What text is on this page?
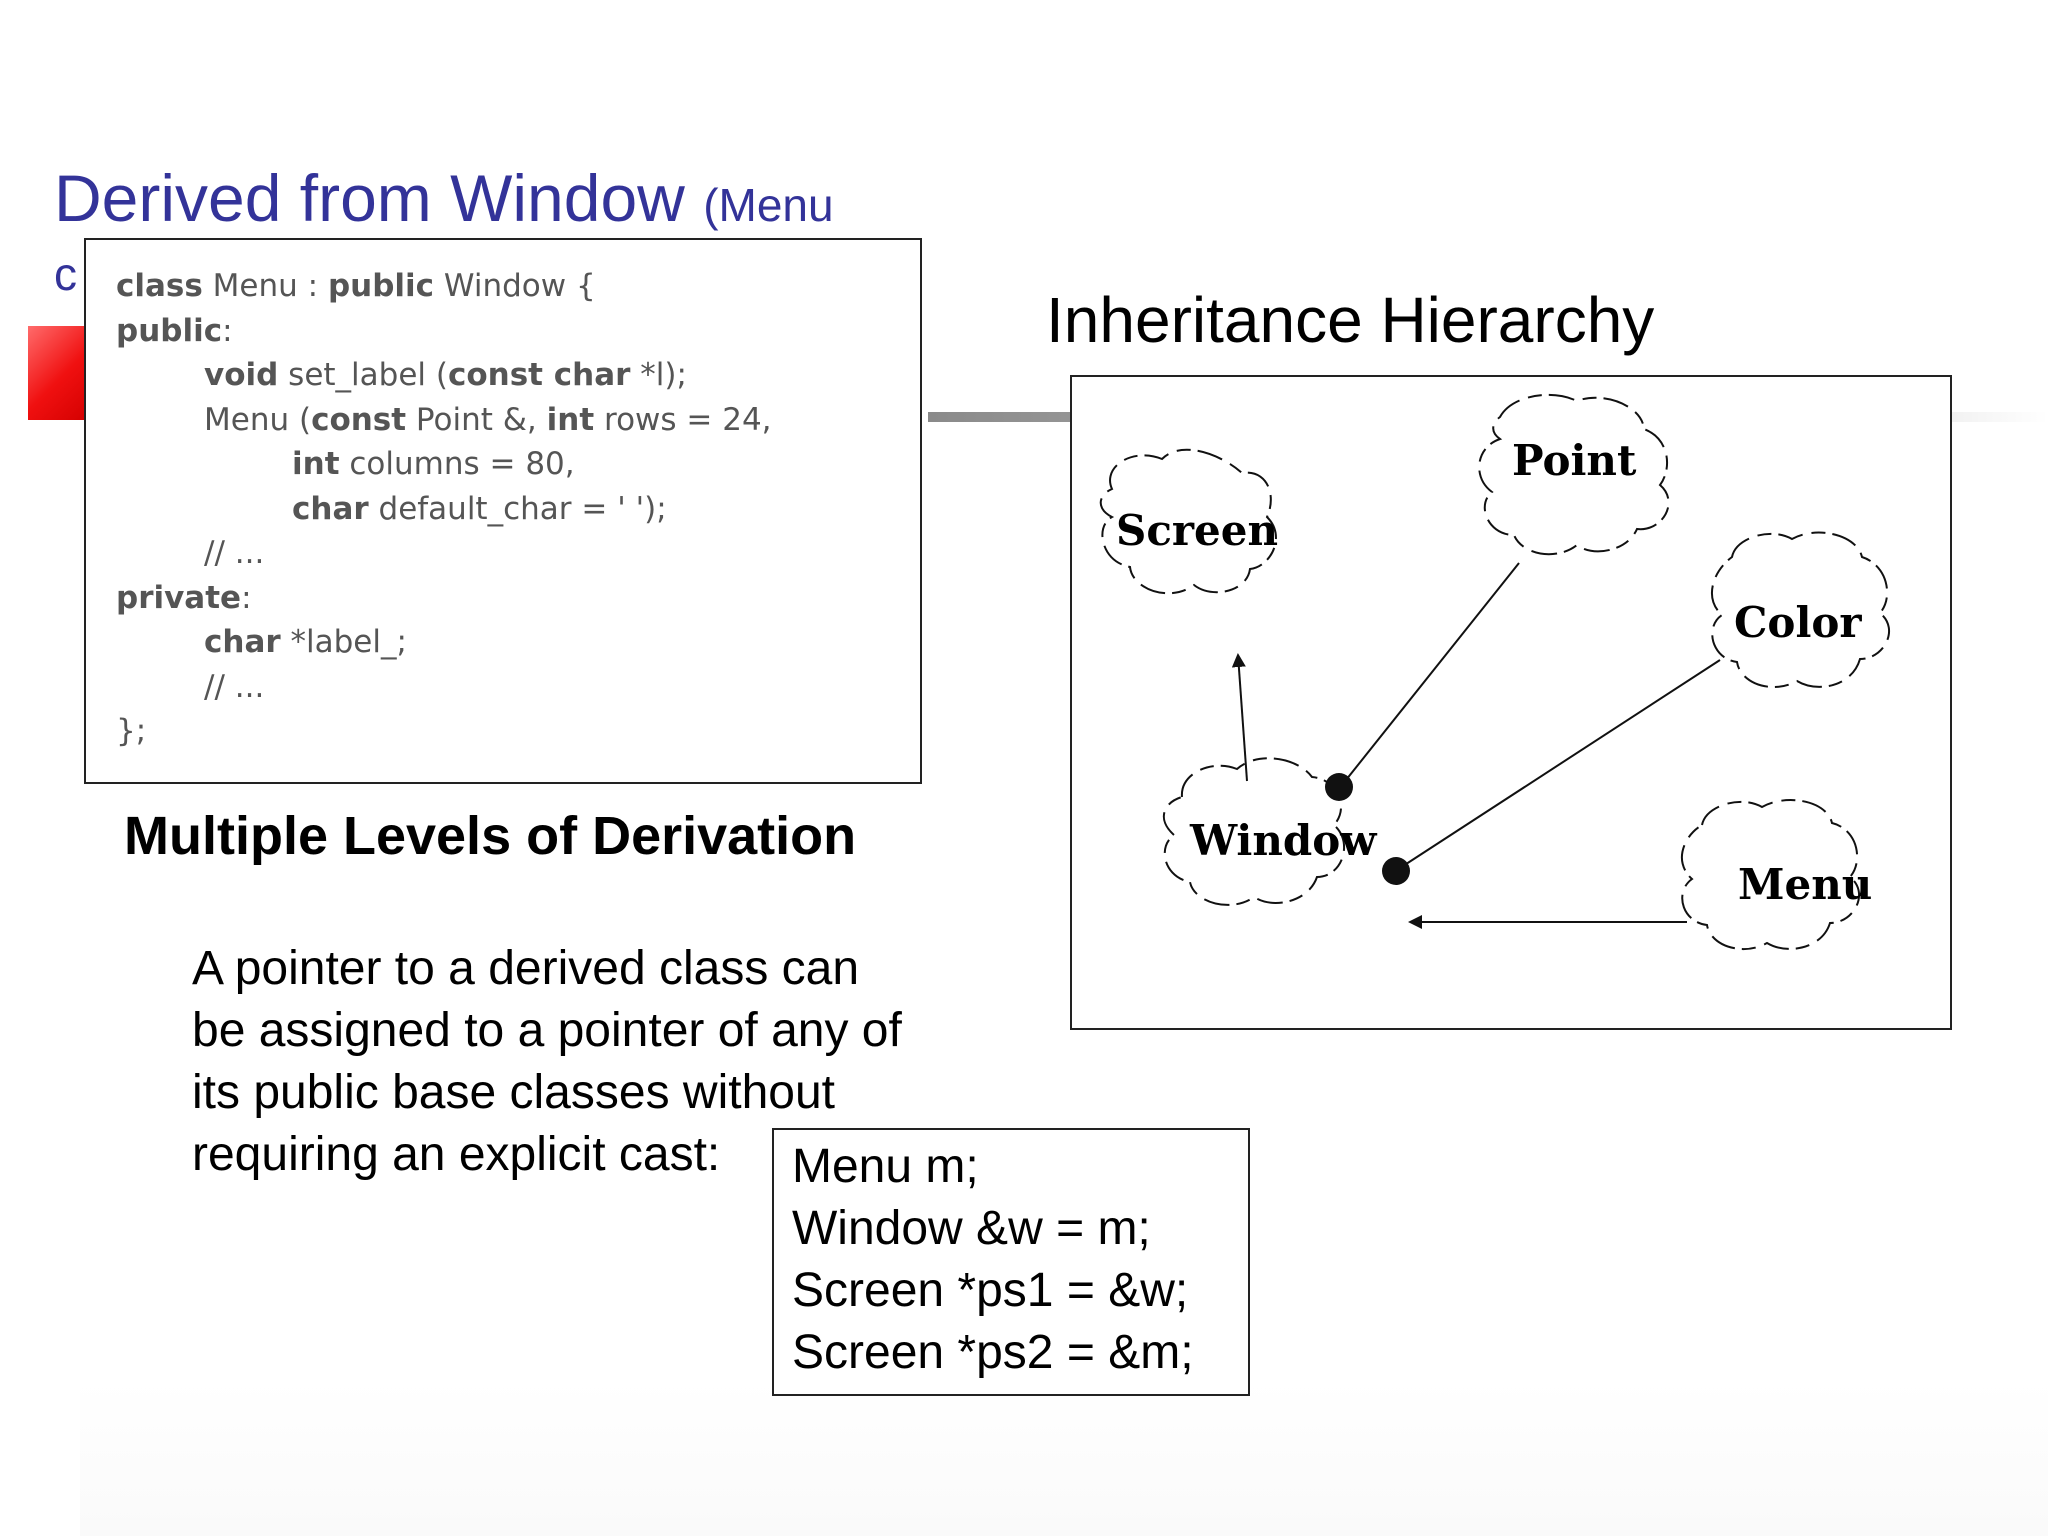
Derived from Window (Menu
c class Menu : public Window {
public:
void set_label (const char *l);
Menu (const Point &, int rows = 24,
int columns = 80,
char default_char = ' ');
// ...
private:
char *label_;
// ...
};
Inheritance Hierarchy
Screen
Point
Color
Window
Menu
Multiple Levels of Derivation
A pointer to a derived class can
be assigned to a pointer of any of
its public base classes without
requiring an explicit cast:	Menu m;
Window &w = m;
Screen *ps1 = &w;
Screen *ps2 = &m;
